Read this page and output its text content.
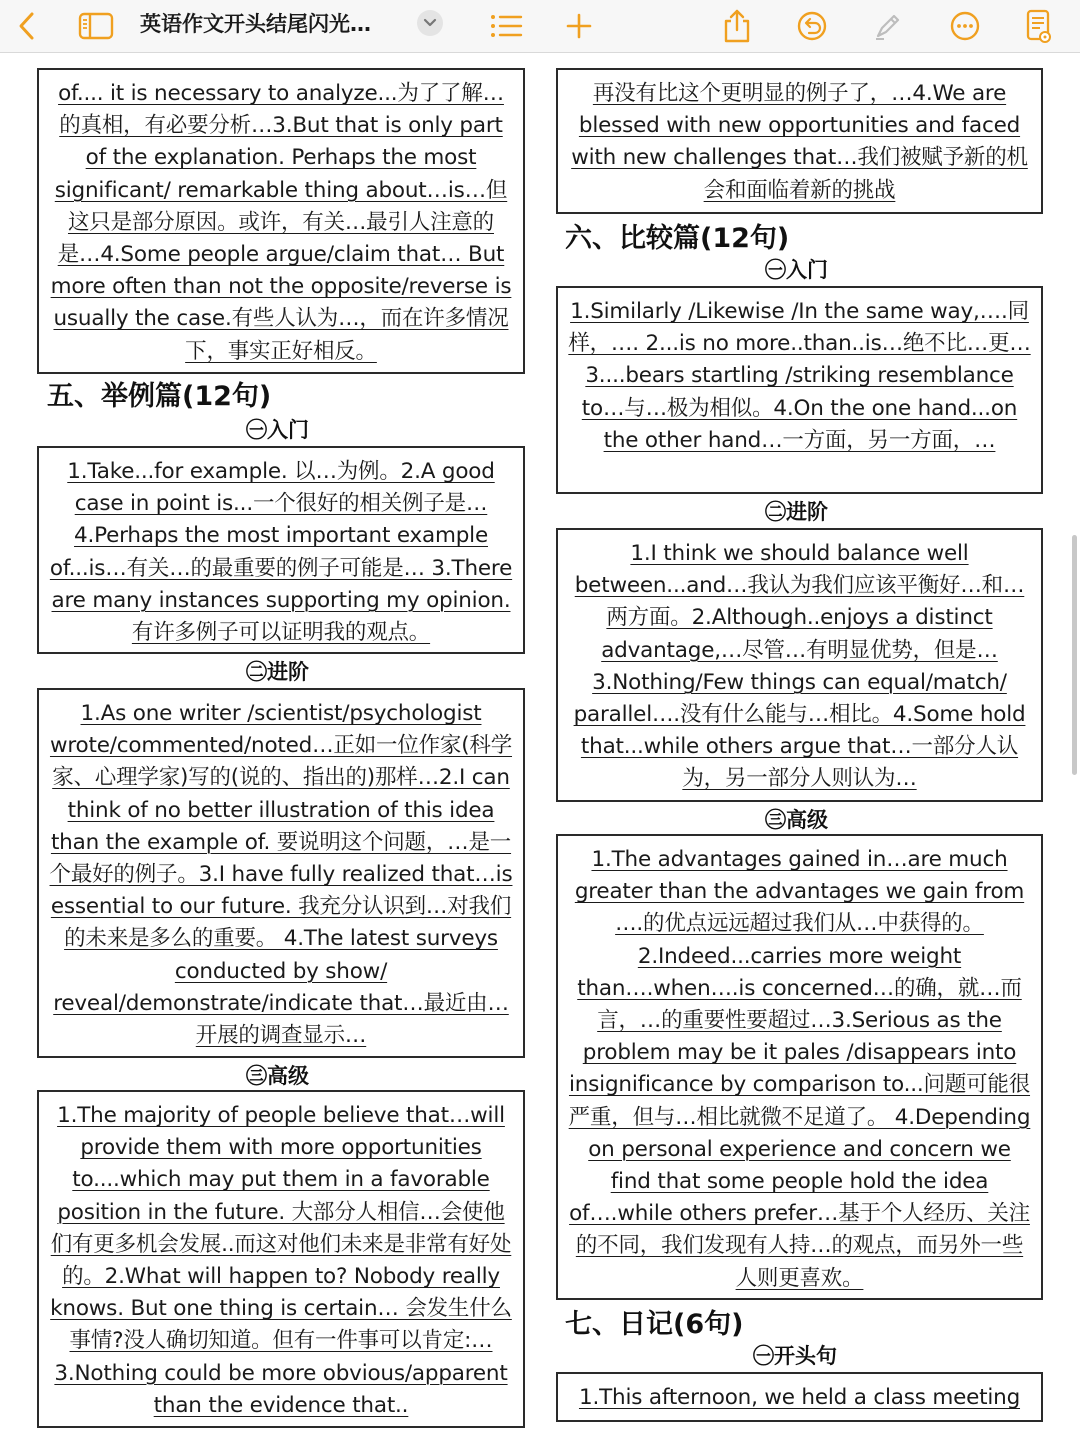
英语作文开头结尾闪光…

of.... it is necessary to analyze...为了了解…的真相，有必要分析…3.But that is only part of the explanation. Perhaps the most significant/ remarkable thing about…is…但这只是部分原因。或许，有关…最引人注意的是…4.Some people argue/claim that… But more often than not the opposite/reverse is usually the case.有些人认为…，而在许多情况下，事实正好相反。

五、举例篇(12句)
㊀入门

1.Take...for example. 以…为例。2.A good case in point is...一个很好的相关例子是… 4.Perhaps the most important example of...is…有关…的最重要的例子可能是… 3.There are many instances supporting my opinion. 有许多例子可以证明我的观点。

㊁进阶

1.As one writer /scientist/psychologist wrote/commented/noted…正如一位作家(科学家、心理学家)写的(说的、指出的)那样…2.I can think of no better illustration of this idea than the example of. 要说明这个问题，…是一个最好的例子。3.I have fully realized that…is essential to our future. 我充分认识到…对我们的未来是多么的重要。 4.The latest surveys conducted by show/ reveal/demonstrate/indicate that…最近由…开展的调查显示…

㊂高级

1.The majority of people believe that…will provide them with more opportunities to....which may put them in a favorable position in the future. 大部分人相信…会使他们有更多机会发展..而这对他们未来是非常有好处的。2.What will happen to? Nobody really knows. But one thing is certain… 会发生什么事情?没人确切知道。但有一件事可以肯定:… 3.Nothing could be more obvious/apparent than the evidence that..

再没有比这个更明显的例子了，…4.We are blessed with new opportunities and faced with new challenges that…我们被赋予新的机会和面临着新的挑战

六、比较篇(12句)
㊀入门

1.Similarly /Likewise /In the same way,….同样，…. 2...is no more..than..is…绝不比…更…3....bears startling /striking resemblance to…与…极为相似。4.On the one hand...on the other hand…一方面，另一方面，…

㊁进阶

1.I think we should balance well between...and…我认为我们应该平衡好…和…两方面。2.Although..enjoys a distinct advantage,…尽管…有明显优势，但是… 3.Nothing/Few things can equal/match/ parallel….没有什么能与…相比。4.Some hold that...while others argue that…一部分人认为，另一部分人则认为…

㊂高级

1.The advantages gained in…are much greater than the advantages we gain from ….的优点远远超过我们从…中获得的。 2.Indeed...carries more weight than….when….is concerned…的确，就…而言，…的重要性要超过…3.Serious as the problem may be it pales /disappears into insignificance by comparison to...问题可能很严重，但与…相比就微不足道了。 4.Depending on personal experience and concern we find that some people hold the idea of….while others prefer…基于个人经历、关注的不同，我们发现有人持…的观点，而另外一些人则更喜欢。

七、日记(6句)
㊀开头句

1.This afternoon, we held a class meeting
